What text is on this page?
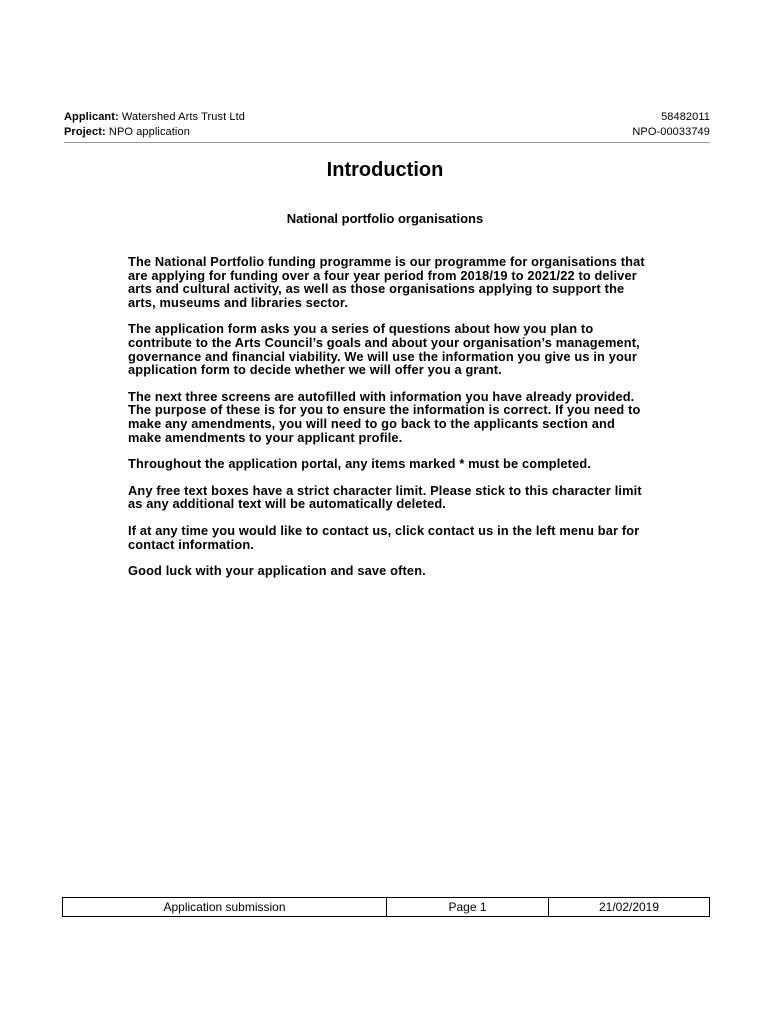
Applicant: Watershed Arts Trust Ltd	58482011
Project: NPO application	NPO-00033749
Introduction
National portfolio organisations

The National Portfolio funding programme is our programme for organisations that are applying for funding over a four year period from 2018/19 to 2021/22 to deliver arts and cultural activity, as well as those organisations applying to support the arts, museums and libraries sector.

The application form asks you a series of questions about how you plan to contribute to the Arts Council’s goals and about your organisation’s management, governance and financial viability. We will use the information you give us in your application form to decide whether we will offer you a grant.

The next three screens are autofilled with information you have already provided. The purpose of these is for you to ensure the information is correct. If you need to make any amendments, you will need to go back to the applicants section and make amendments to your applicant profile.

Throughout the application portal, any items marked * must be completed.

Any free text boxes have a strict character limit. Please stick to this character limit as any additional text will be automatically deleted.

If at any time you would like to contact us, click contact us in the left menu bar for contact information.

Good luck with your application and save often.

Application submission	Page 1	21/02/2019
